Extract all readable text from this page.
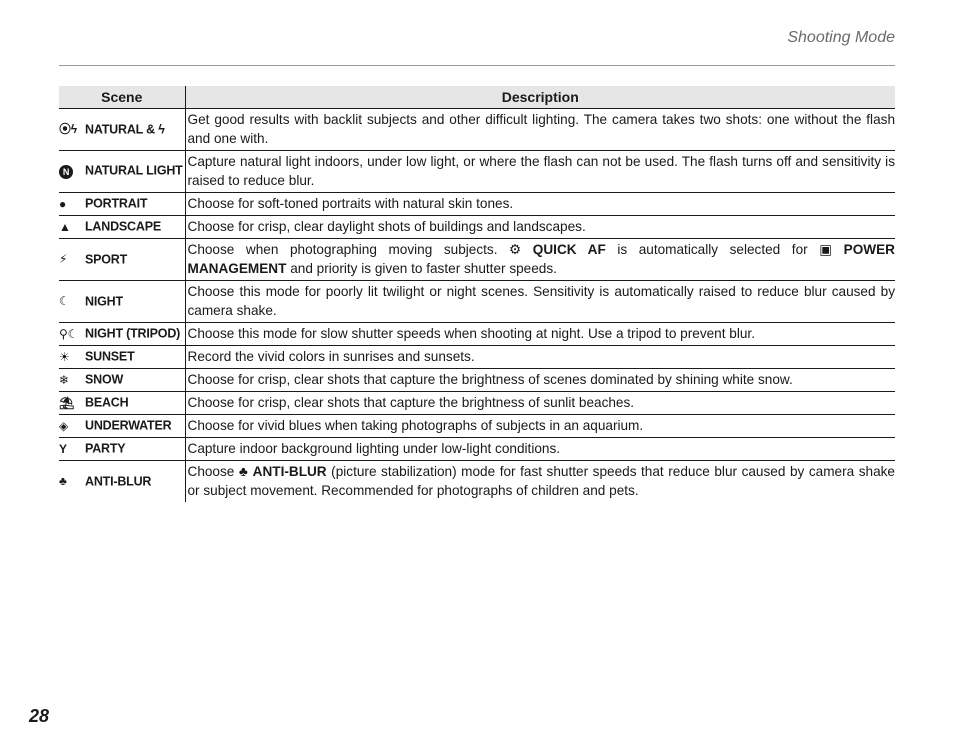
Shooting Mode
Scene	Description
⦿ϟ NATURAL & ϟ	Get good results with backlit subjects and other difficult lighting. The camera takes two shots: one without the flash and one with.
N NATURAL LIGHT	Capture natural light indoors, under low light, or where the flash can not be used. The flash turns off and sensitivity is raised to reduce blur.
● PORTRAIT	Choose for soft-toned portraits with natural skin tones.
▲ LANDSCAPE	Choose for crisp, clear daylight shots of buildings and landscapes.
⚡ SPORT	Choose when photographing moving subjects. ⚙ QUICK AF is automatically selected for ▣ POWER MANAGEMENT and priority is given to faster shutter speeds.
☾ NIGHT	Choose this mode for poorly lit twilight or night scenes. Sensitivity is automatically raised to reduce blur caused by camera shake.
⚲☾ NIGHT (TRIPOD)	Choose this mode for slow shutter speeds when shooting at night. Use a tripod to prevent blur.
☀ SUNSET	Record the vivid colors in sunrises and sunsets.
❄ SNOW	Choose for crisp, clear shots that capture the brightness of scenes dominated by shining white snow.
⛱ BEACH	Choose for crisp, clear shots that capture the brightness of sunlit beaches.
◈ UNDERWATER	Choose for vivid blues when taking photographs of subjects in an aquarium.
Y PARTY	Capture indoor background lighting under low-light conditions.
♣ ANTI-BLUR	Choose ♣ ANTI-BLUR (picture stabilization) mode for fast shutter speeds that reduce blur caused by camera shake or subject movement. Recommended for photographs of children and pets.
28
